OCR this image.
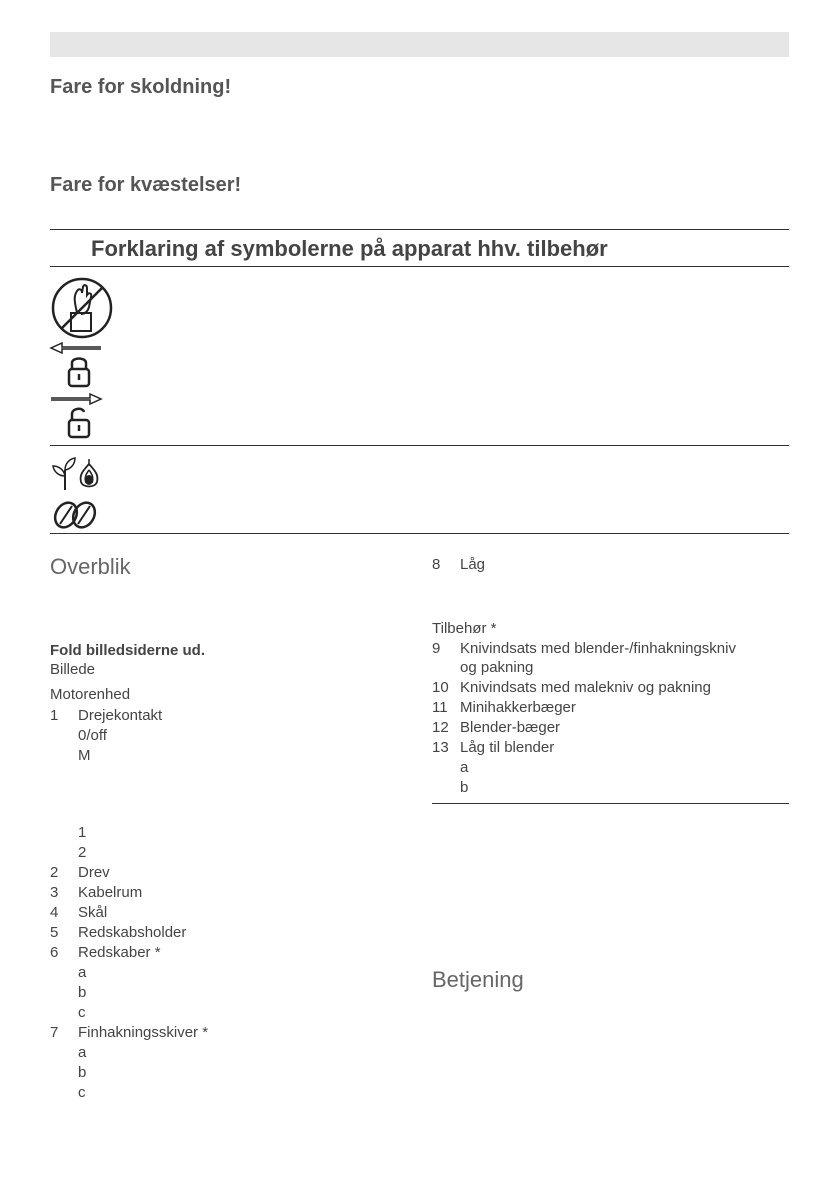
Fare for skoldning!
Fare for kvæstelser!
Forklaring af symbolerne på apparat hhv. tilbehør
Overblik
Fold billedsiderne ud.
Billede
Motorenhed
1 Drejekontakt
0/off
M
1
2
2 Drev
3 Kabelrum
4 Skål
5 Redskabsholder
6 Redskaber *
a
b
c
7 Finhakningsskiver *
a
b
c
8 Låg
Tilbehør *
9 Knivindsats med blender-/finhakningskniv
og pakning
10 Knivindsats med malekniv og pakning
11 Minihakkerbæger
12 Blender-bæger
13 Låg til blender
a
b
Betjening
